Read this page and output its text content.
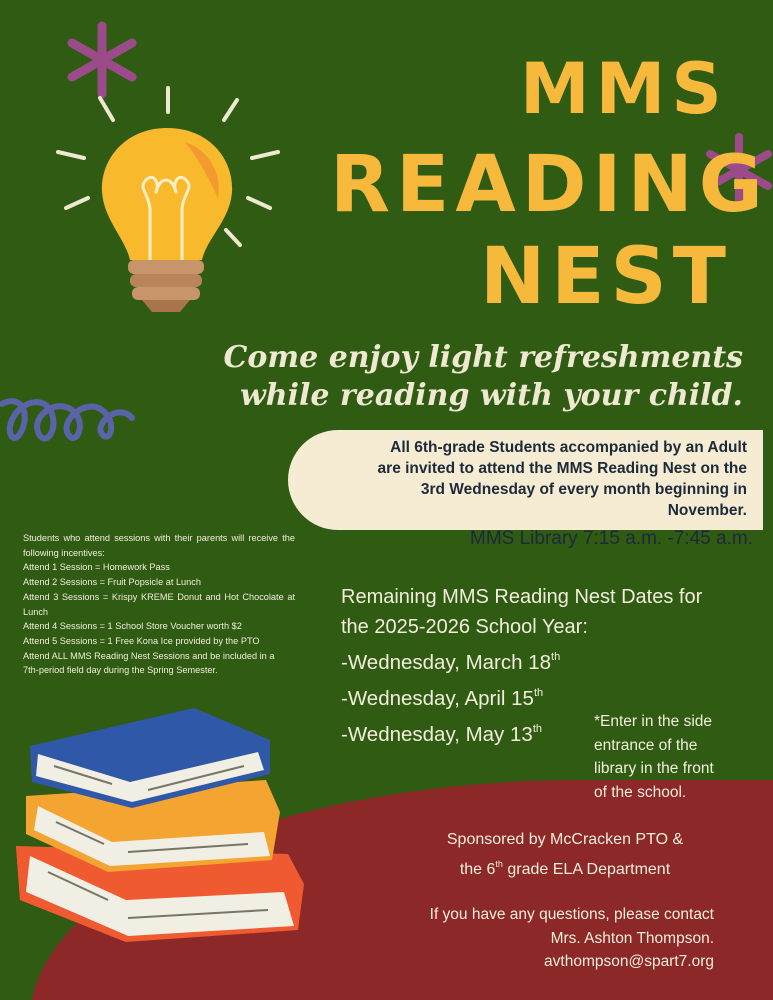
MMS
READING
NEST
Come enjoy light refreshments
while reading with your child.
All 6th-grade Students accompanied by an Adult
are invited to attend the MMS Reading Nest on the
3rd Wednesday of every month beginning in
November.
MMS Library 7:15 a.m. -7:45 a.m.
Students who attend sessions with their parents will receive the following incentives:
Attend 1 Session = Homework Pass
Attend 2 Sessions = Fruit Popsicle at Lunch
Attend 3 Sessions = Krispy KREME Donut and Hot Chocolate at Lunch
Attend 4 Sessions = 1 School Store Voucher worth $2
Attend 5 Sessions = 1 Free Kona Ice provided by the PTO
Attend ALL MMS Reading Nest Sessions and be included in a
7th-period field day during the Spring Semester.
Remaining MMS Reading Nest Dates for
the 2025-2026 School Year:
-Wednesday, March 18th
-Wednesday, April 15th
-Wednesday, May 13th	*Enter in the side
entrance of the
library in the front
of the school.
Sponsored by McCracken PTO &
the 6th grade ELA Department
If you have any questions, please contact
Mrs. Ashton Thompson.
avthompson@spart7.org
